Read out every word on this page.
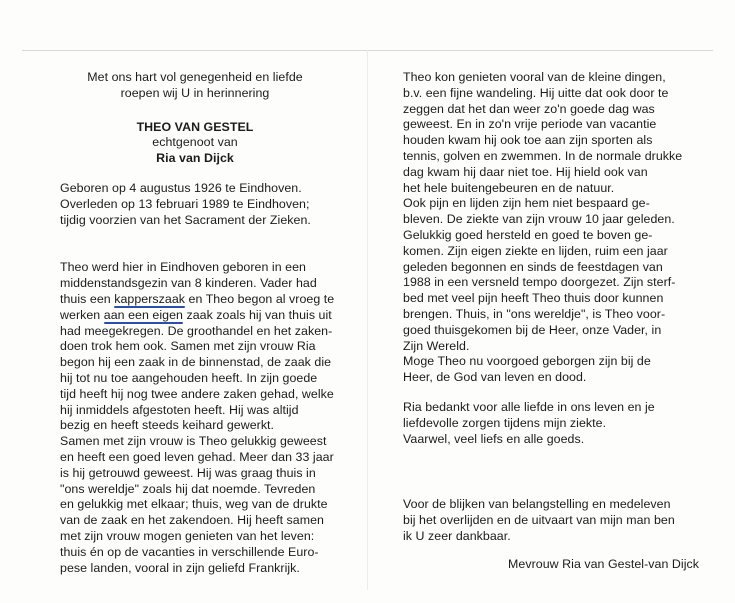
Met ons hart vol genegenheid en liefde
roepen wij U in herinnering
THEO VAN GESTEL
echtgenoot van
Ria van Dijck
Geboren op 4 augustus 1926 te Eindhoven.
Overleden op 13 februari 1989 te Eindhoven;
tijdig voorzien van het Sacrament der Zieken.
Theo werd hier in Eindhoven geboren in een
middenstandsgezin van 8 kinderen. Vader had
thuis een kapperszaak en Theo begon al vroeg te
werken aan een eigen zaak zoals hij van thuis uit
had meegekregen. De groothandel en het zaken-
doen trok hem ook. Samen met zijn vrouw Ria
begon hij een zaak in de binnenstad, de zaak die
hij tot nu toe aangehouden heeft. In zijn goede
tijd heeft hij nog twee andere zaken gehad, welke
hij inmiddels afgestoten heeft. Hij was altijd
bezig en heeft steeds keihard gewerkt.
Samen met zijn vrouw is Theo gelukkig geweest
en heeft een goed leven gehad. Meer dan 33 jaar
is hij getrouwd geweest. Hij was graag thuis in
"ons wereldje" zoals hij dat noemde. Tevreden
en gelukkig met elkaar; thuis, weg van de drukte
van de zaak en het zakendoen. Hij heeft samen
met zijn vrouw mogen genieten van het leven:
thuis én op de vacanties in verschillende Euro-
pese landen, vooral in zijn geliefd Frankrijk.
Theo kon genieten vooral van de kleine dingen,
b.v. een fijne wandeling. Hij uitte dat ook door te
zeggen dat het dan weer zo'n goede dag was
geweest. En in zo'n vrije periode van vacantie
houden kwam hij ook toe aan zijn sporten als
tennis, golven en zwemmen. In de normale drukke
dag kwam hij daar niet toe. Hij hield ook van
het hele buitengebeuren en de natuur.
Ook pijn en lijden zijn hem niet bespaard ge-
bleven. De ziekte van zijn vrouw 10 jaar geleden.
Gelukkig goed hersteld en goed te boven ge-
komen. Zijn eigen ziekte en lijden, ruim een jaar
geleden begonnen en sinds de feestdagen van
1988 in een versneld tempo doorgezet. Zijn sterf-
bed met veel pijn heeft Theo thuis door kunnen
brengen. Thuis, in "ons wereldje", is Theo voor-
goed thuisgekomen bij de Heer, onze Vader, in
Zijn Wereld.
Moge Theo nu voorgoed geborgen zijn bij de
Heer, de God van leven en dood.
Ria bedankt voor alle liefde in ons leven en je
liefdevolle zorgen tijdens mijn ziekte.
Vaarwel, veel liefs en alle goeds.
Voor de blijken van belangstelling en medeleven
bij het overlijden en de uitvaart van mijn man ben
ik U zeer dankbaar.
Mevrouw Ria van Gestel-van Dijck
